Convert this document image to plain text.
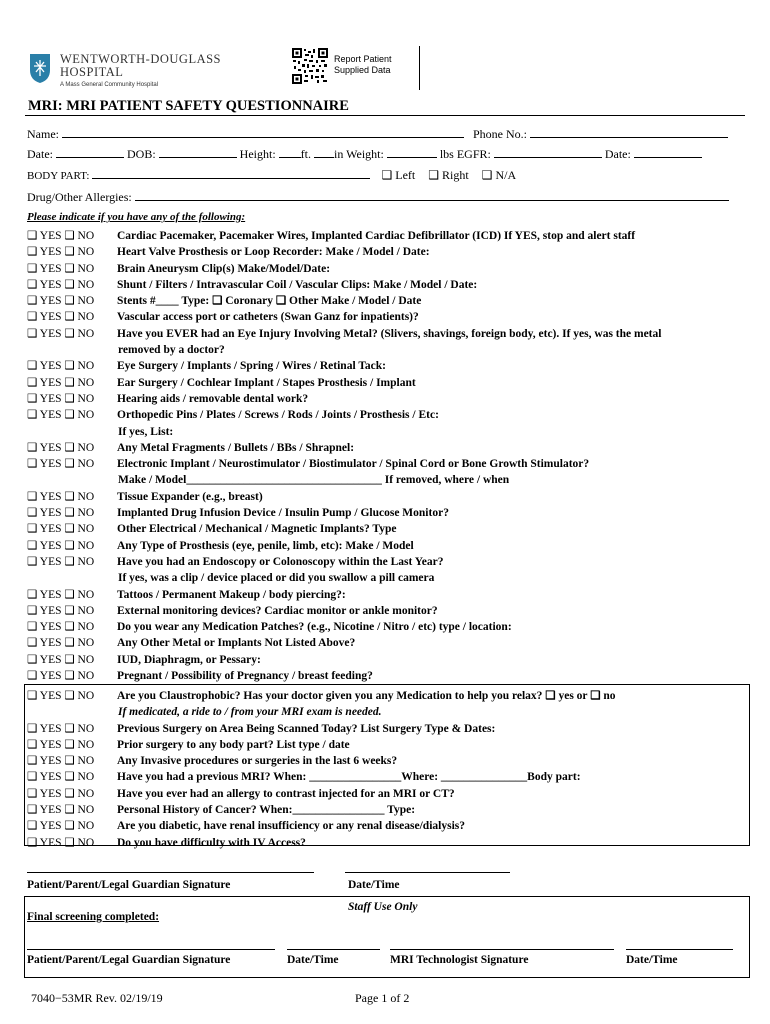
WENTWORTH-DOUGLASS
HOSPITAL
A Mass General Community Hospital
Report Patient
Supplied Data
MRI: MRI PATIENT SAFETY QUESTIONNAIRE
Name:	Phone No.:
Date:	DOB:	Height: ft. in Weight:	lbs EGFR:	Date:
BODY PART:	❑ Left ❑ Right ❑ N/A
Drug/Other Allergies:
Please indicate if you have any of the following:
❑ YES ❑ NO Cardiac Pacemaker, Pacemaker Wires, Implanted Cardiac Defibrillator (ICD) If YES, stop and alert staff
❑ YES ❑ NO Heart Valve Prosthesis or Loop Recorder: Make / Model / Date:
❑ YES ❑ NO Brain Aneurysm Clip(s) Make/Model/Date:
❑ YES ❑ NO Shunt / Filters / Intravascular Coil / Vascular Clips: Make / Model / Date:
❑ YES ❑ NO Stents #____ Type: ❑ Coronary ❑ Other Make / Model / Date
❑ YES ❑ NO Vascular access port or catheters (Swan Ganz for inpatients)?
❑ YES ❑ NO Have you EVER had an Eye Injury Involving Metal? (Slivers, shavings, foreign body, etc). If yes, was the metal
removed by a doctor?
❑ YES ❑ NO Eye Surgery / Implants / Spring / Wires / Retinal Tack:
❑ YES ❑ NO Ear Surgery / Cochlear Implant / Stapes Prosthesis / Implant
❑ YES ❑ NO Hearing aids / removable dental work?
❑ YES ❑ NO Orthopedic Pins / Plates / Screws / Rods / Joints / Prosthesis / Etc:
If yes, List:
❑ YES ❑ NO Any Metal Fragments / Bullets / BBs / Shrapnel:
❑ YES ❑ NO Electronic Implant / Neurostimulator / Biostimulator / Spinal Cord or Bone Growth Stimulator?
Make / Model__________________________________ If removed, where / when
❑ YES ❑ NO Tissue Expander (e.g., breast)
❑ YES ❑ NO Implanted Drug Infusion Device / Insulin Pump / Glucose Monitor?
❑ YES ❑ NO Other Electrical / Mechanical / Magnetic Implants? Type
❑ YES ❑ NO Any Type of Prosthesis (eye, penile, limb, etc): Make / Model
❑ YES ❑ NO Have you had an Endoscopy or Colonoscopy within the Last Year?
If yes, was a clip / device placed or did you swallow a pill camera
❑ YES ❑ NO Tattoos / Permanent Makeup / body piercing?:
❑ YES ❑ NO External monitoring devices? Cardiac monitor or ankle monitor?
❑ YES ❑ NO Do you wear any Medication Patches? (e.g., Nicotine / Nitro / etc) type / location:
❑ YES ❑ NO Any Other Metal or Implants Not Listed Above?
❑ YES ❑ NO IUD, Diaphragm, or Pessary:
❑ YES ❑ NO Pregnant / Possibility of Pregnancy / breast feeding?
❑ YES ❑ NO Are you Claustrophobic? Has your doctor given you any Medication to help you relax? ❑ yes or ❑ no
If medicated, a ride to / from your MRI exam is needed.
❑ YES ❑ NO Previous Surgery on Area Being Scanned Today? List Surgery Type & Dates:
❑ YES ❑ NO Prior surgery to any body part? List type / date
❑ YES ❑ NO Any Invasive procedures or surgeries in the last 6 weeks?
❑ YES ❑ NO Have you had a previous MRI? When: ________________Where: _______________Body part:
❑ YES ❑ NO Have you ever had an allergy to contrast injected for an MRI or CT?
❑ YES ❑ NO Personal History of Cancer? When:________________ Type:
❑ YES ❑ NO Are you diabetic, have renal insufficiency or any renal disease/dialysis?
❑ YES ❑ NO Do you have difficulty with IV Access?
Patient/Parent/Legal Guardian Signature	Date/Time
Staff Use Only
Final screening completed:
Patient/Parent/Legal Guardian Signature	Date/Time	MRI Technologist Signature	Date/Time
7040−53MR Rev. 02/19/19	Page 1 of 2
